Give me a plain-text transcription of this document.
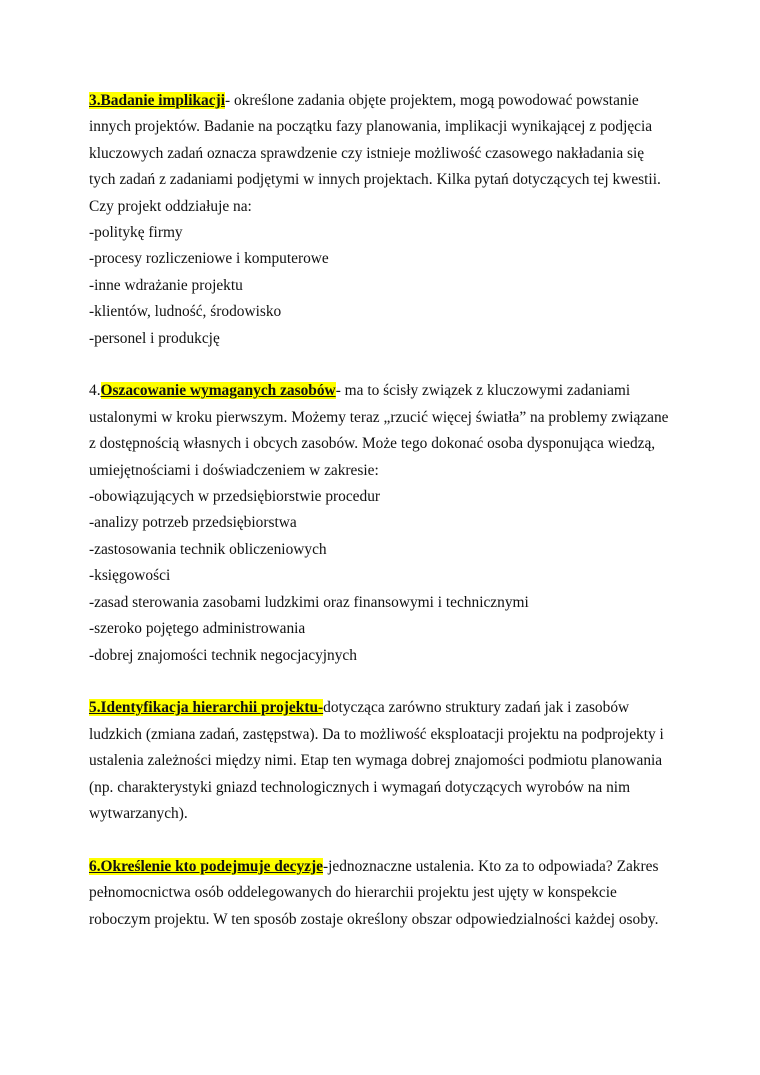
3.Badanie implikacji- określone zadania objęte projektem, mogą powodować powstanie
innych projektów. Badanie na początku fazy planowania, implikacji wynikającej z podjęcia
kluczowych zadań oznacza sprawdzenie czy istnieje możliwość czasowego nakładania się
tych zadań z zadaniami podjętymi w innych projektach. Kilka pytań dotyczących tej kwestii.
Czy projekt oddziałuje na:

-politykę firmy
-procesy rozliczeniowe i komputerowe
-inne wdrażanie projektu
-klientów, ludność, środowisko
-personel i produkcję

4.Oszacowanie wymaganych zasobów- ma to ścisły związek z kluczowymi zadaniami
ustalonymi w kroku pierwszym. Możemy teraz „rzucić więcej światła” na problemy związane
z dostępnością własnych i obcych zasobów. Może tego dokonać osoba dysponująca wiedzą,
umiejętnościami i doświadczeniem w zakresie:

-obowiązujących w przedsiębiorstwie procedur
-analizy potrzeb przedsiębiorstwa
-zastosowania technik obliczeniowych
-księgowości
-zasad sterowania zasobami ludzkimi oraz finansowymi i technicznymi
-szeroko pojętego administrowania
-dobrej znajomości technik negocjacyjnych

5.Identyfikacja hierarchii projektu-dotycząca zarówno struktury zadań jak i zasobów
ludzkich (zmiana zadań, zastępstwa). Da to możliwość eksploatacji projektu na podprojekty i
ustalenia zależności między nimi. Etap ten wymaga dobrej znajomości podmiotu planowania
(np. charakterystyki gniazd technologicznych i wymagań dotyczących wyrobów na nim
wytwarzanych).

6.Określenie kto podejmuje decyzje-jednoznaczne ustalenia. Kto za to odpowiada? Zakres
pełnomocnictwa osób oddelegowanych do hierarchii projektu jest ujęty w konspekcie
roboczym projektu. W ten sposób zostaje określony obszar odpowiedzialności każdej osoby.
